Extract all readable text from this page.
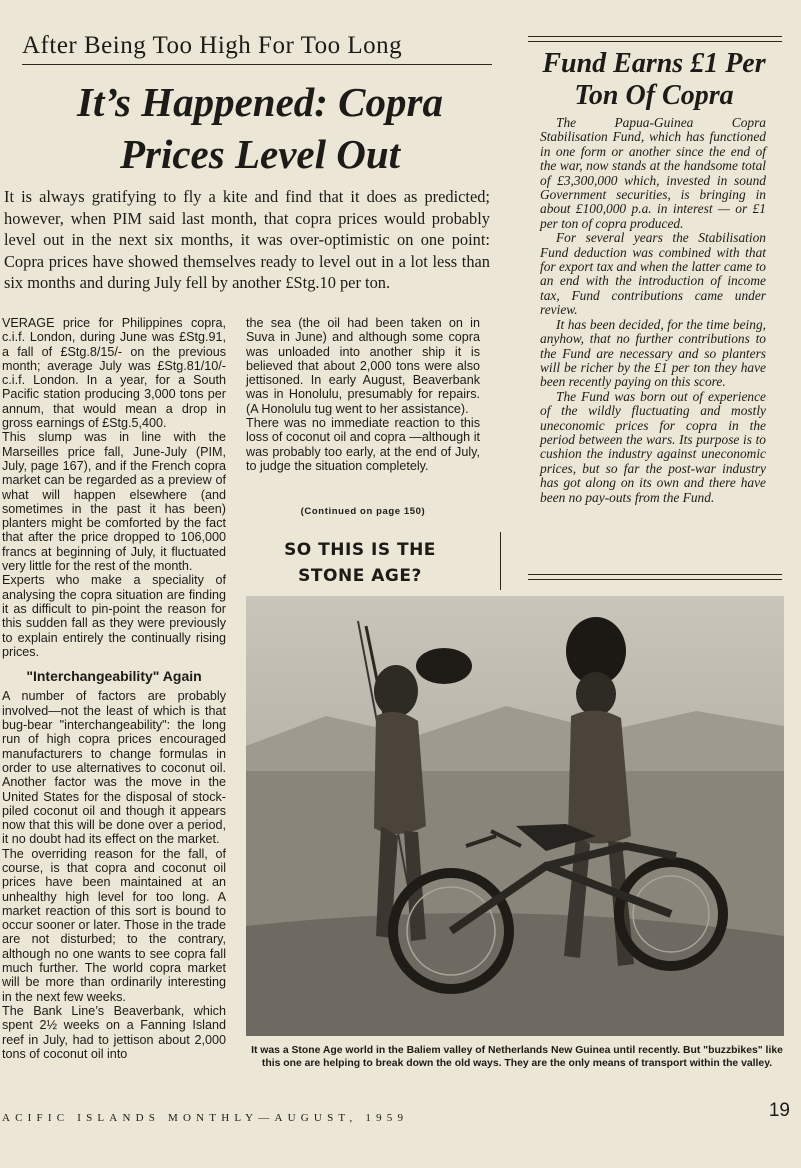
After Being Too High For Too Long
It’s Happened: Copra
Prices Level Out
It is always gratifying to fly a kite and find that it does as predicted; however, when PIM said last month, that copra prices would probably level out in the next six months, it was over-optimistic on one point: Copra prices have showed themselves ready to level out in a lot less than six months and during July fell by another £Stg.10 per ton.

VERAGE price for Philippines copra, c.i.f. London, during June was £Stg.91, a fall of £Stg.8/15/- on the previous month; average July was £Stg.81/10/- c.i.f. London. In a year, for a South Pacific station producing 3,000 tons per annum, that would mean a drop in gross earnings of £Stg.5,400.

This slump was in line with the Marseilles price fall, June-July (PIM, July, page 167), and if the French copra market can be regarded as a preview of what will happen elsewhere (and sometimes in the past it has been) planters might be comforted by the fact that after the price dropped to 106,000 francs at beginning of July, it fluctuated very little for the rest of the month.

Experts who make a speciality of analysing the copra situation are finding it as difficult to pin-point the reason for this sudden fall as they were previously to explain entirely the continually rising prices.

"Interchangeability" Again

A number of factors are probably involved—not the least of which is that bug-bear "interchangeability": the long run of high copra prices encouraged manufacturers to change formulas in order to use alternatives to coconut oil. Another factor was the move in the United States for the disposal of stock-piled coconut oil and though it appears now that this will be done over a period, it no doubt had its effect on the market.

The overriding reason for the fall, of course, is that copra and coconut oil prices have been maintained at an unhealthy high level for too long. A market reaction of this sort is bound to occur sooner or later. Those in the trade are not disturbed; to the contrary, although no one wants to see copra fall much further. The world copra market will be more than ordinarily interesting in the next few weeks.

The Bank Line’s Beaverbank, which spent 2½ weeks on a Fanning Island reef in July, had to jettison about 2,000 tons of coconut oil into

the sea (the oil had been taken on in Suva in June) and although some copra was unloaded into another ship it is believed that about 2,000 tons were also jettisoned. In early August, Beaverbank was in Honolulu, presumably for repairs. (A Honolulu tug went to her assistance).

There was no immediate reaction to this loss of coconut oil and copra —although it was probably too early, at the end of July, to judge the situation completely.

(Continued on page 150)
SO THIS IS THE
STONE AGE?
Fund Earns £1 Per
Ton Of Copra

The Papua-Guinea Copra Stabilisation Fund, which has functioned in one form or another since the end of the war, now stands at the handsome total of £3,300,000 which, invested in sound Government securities, is bringing in about £100,000 p.a. in interest — or £1 per ton of copra produced.

For several years the Stabilisation Fund deduction was combined with that for export tax and when the latter came to an end with the introduction of income tax, Fund contributions came under review.

It has been decided, for the time being, anyhow, that no further contributions to the Fund are necessary and so planters will be richer by the £1 per ton they have been recently paying on this score.

The Fund was born out of experience of the wildly fluctuating and mostly uneconomic prices for copra in the period between the wars. Its purpose is to cushion the industry against uneconomic prices, but so far the post-war industry has got along on its own and there have been no pay-outs from the Fund.

It was a Stone Age world in the Baliem valley of Netherlands New Guinea until recently. But "buzzbikes" like this one are helping to break down the old ways. They are the only means of transport within the valley.
ACIFIC ISLANDS MONTHLY—AUGUST, 1959	19
